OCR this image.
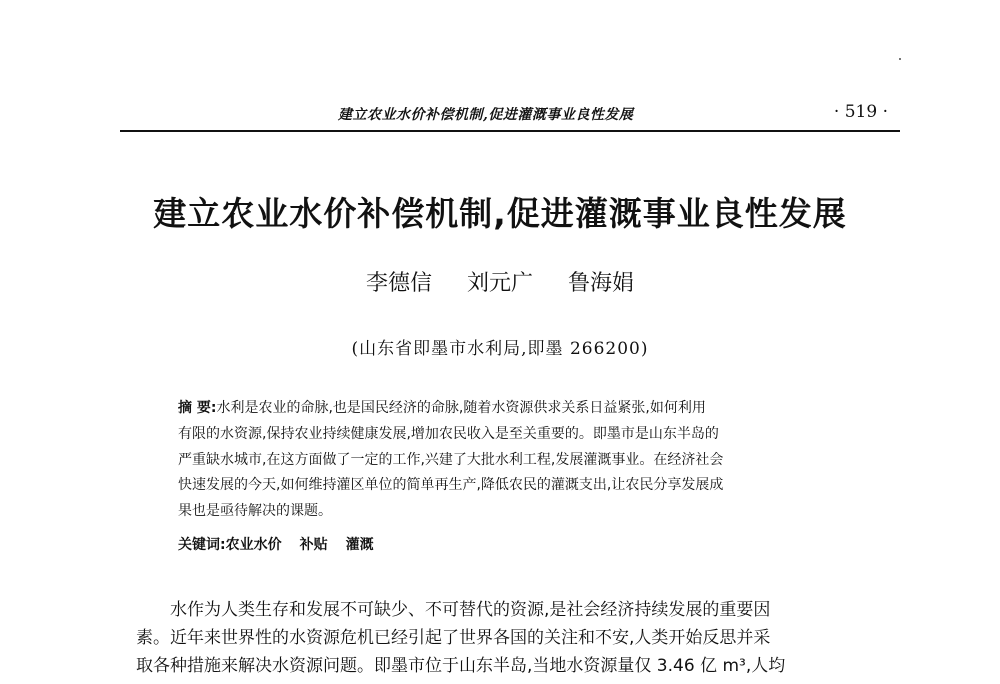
建立农业水价补偿机制,促进灌溉事业良性发展	· 519 ·
建立农业水价补偿机制,促进灌溉事业良性发展
李德信 刘元广 鲁海娟
(山东省即墨市水利局,即墨 266200)
摘 要:水利是农业的命脉,也是国民经济的命脉,随着水资源供求关系日益紧张,如何利用
有限的水资源,保持农业持续健康发展,增加农民收入是至关重要的。即墨市是山东半岛的
严重缺水城市,在这方面做了一定的工作,兴建了大批水利工程,发展灌溉事业。在经济社会
快速发展的今天,如何维持灌区单位的简单再生产,降低农民的灌溉支出,让农民分享发展成
果也是亟待解决的课题。
关键词:农业水价 补贴 灌溉
水作为人类生存和发展不可缺少、不可替代的资源,是社会经济持续发展的重要因
素。近年来世界性的水资源危机已经引起了世界各国的关注和不安,人类开始反思并采
取各种措施来解决水资源问题。即墨市位于山东半岛,当地水资源量仅 3.46 亿 m³,人均
